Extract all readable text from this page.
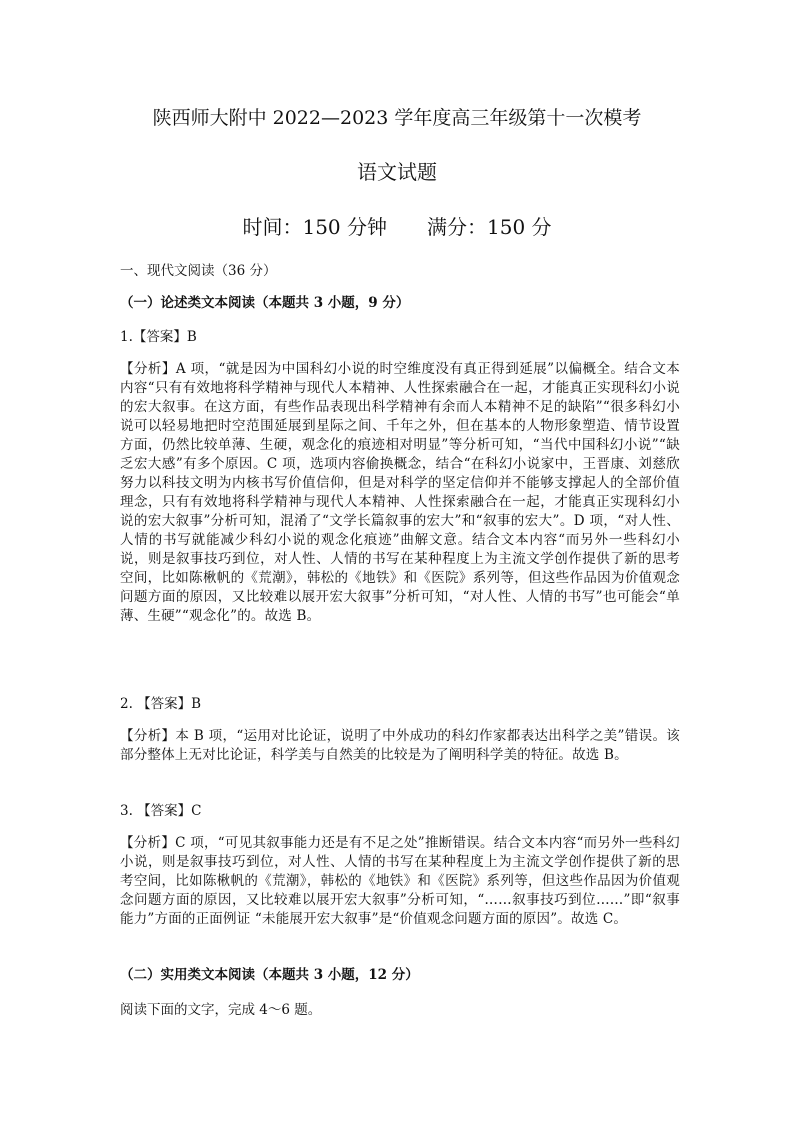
陕西师大附中 2022—2023 学年度高三年级第十一次模考
语文试题
时间：150 分钟 满分：150 分
一、现代文阅读（36 分）
（一）论述类文本阅读（本题共 3 小题，9 分）
1.【答案】B
【分析】A 项，“就是因为中国科幻小说的时空维度没有真正得到延展”以偏概全。结合文本内容“只有有效地将科学精神与现代人本精神、人性探索融合在一起，才能真正实现科幻小说的宏大叙事。在这方面，有些作品表现出科学精神有余而人本精神不足的缺陷”“很多科幻小说可以轻易地把时空范围延展到星际之间、千年之外，但在基本的人物形象塑造、情节设置方面，仍然比较单薄、生硬，观念化的痕迹相对明显”等分析可知，“当代中国科幻小说”“缺乏宏大感”有多个原因。C 项，选项内容偷换概念，结合“在科幻小说家中，王晋康、刘慈欣努力以科技文明为内核书写价值信仰，但是对科学的坚定信仰并不能够支撑起人的全部价值理念，只有有效地将科学精神与现代人本精神、人性探索融合在一起，才能真正实现科幻小说的宏大叙事”分析可知，混淆了“文学长篇叙事的宏大”和“叙事的宏大”。D 项，“对人性、人情的书写就能减少科幻小说的观念化痕迹”曲解文意。结合文本内容“而另外一些科幻小说，则是叙事技巧到位，对人性、人情的书写在某种程度上为主流文学创作提供了新的思考空间，比如陈楸帆的《荒潮》，韩松的《地铁》和《医院》系列等，但这些作品因为价值观念问题方面的原因，又比较难以展开宏大叙事”分析可知，“对人性、人情的书写”也可能会“单薄、生硬”“观念化”的。故选 B。
2. 【答案】B
【分析】本 B 项，“运用对比论证，说明了中外成功的科幻作家都表达出科学之美”错误。该部分整体上无对比论证，科学美与自然美的比较是为了阐明科学美的特征。故选 B。
3. 【答案】C
【分析】C 项，“可见其叙事能力还是有不足之处”推断错误。结合文本内容“而另外一些科幻小说，则是叙事技巧到位，对人性、人情的书写在某种程度上为主流文学创作提供了新的思考空间，比如陈楸帆的《荒潮》，韩松的《地铁》和《医院》系列等，但这些作品因为价值观念问题方面的原因，又比较难以展开宏大叙事”分析可知，“……叙事技巧到位……”即“叙事能力”方面的正面例证 “未能展开宏大叙事”是“价值观念问题方面的原因”。故选 C。
（二）实用类文本阅读（本题共 3 小题，12 分）
阅读下面的文字，完成 4～6 题。
